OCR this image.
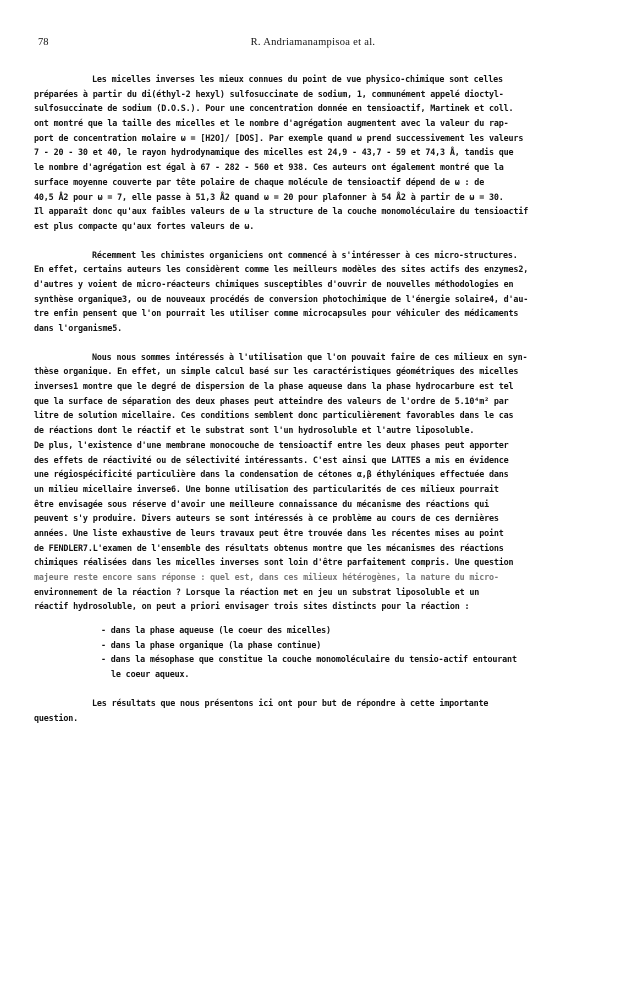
78	R. Andriamanampisoa et al.
Les micelles inverses les mieux connues du point de vue physico-chimique sont celles
préparées à partir du di(éthyl-2 hexyl) sulfosuccinate de sodium, 1, communément appelé dioctyl-
sulfosuccinate de sodium (D.O.S.). Pour une concentration donnée en tensioactif, Martinek et coll.
ont montré que la taille des micelles et le nombre d'agrégation augmentent avec la valeur du rap-
port de concentration molaire ω = [H2O]/ [DOS]. Par exemple quand ω prend successivement les valeurs
7 - 20 - 30 et 40, le rayon hydrodynamique des micelles est 24,9 - 43,7 - 59 et 74,3 Å, tandis que
le nombre d'agrégation est égal à 67 - 282 - 560 et 938. Ces auteurs ont également montré que la
surface moyenne couverte par tête polaire de chaque molécule de tensioactif dépend de ω : de
40,5 Å2 pour ω = 7, elle passe à 51,3 Å2 quand ω = 20 pour plafonner à 54 Å2 à partir de ω = 30.
Il apparaît donc qu'aux faibles valeurs de ω la structure de la couche monomoléculaire du tensioactif
est plus compacte qu'aux fortes valeurs de ω.
Récemment les chimistes organiciens ont commencé à s'intéresser à ces micro-structures.
En effet, certains auteurs les considèrent comme les meilleurs modèles des sites actifs des enzymes2,
d'autres y voient de micro-réacteurs chimiques susceptibles d'ouvrir de nouvelles méthodologies en
synthèse organique3, ou de nouveaux procédés de conversion photochimique de l'énergie solaire4, d'au-
tre enfin pensent que l'on pourrait les utiliser comme microcapsules pour véhiculer des médicaments
dans l'organisme5.
Nous nous sommes intéressés à l'utilisation que l'on pouvait faire de ces milieux en syn-
thèse organique. En effet, un simple calcul basé sur les caractéristiques géométriques des micelles
inverses1 montre que le degré de dispersion de la phase aqueuse dans la phase hydrocarbure est tel
que la surface de séparation des deux phases peut atteindre des valeurs de l'ordre de 5.10⁴m² par
litre de solution micellaire. Ces conditions semblent donc particulièrement favorables dans le cas
de réactions dont le réactif et le substrat sont l'un hydrosoluble et l'autre liposoluble.
De plus, l'existence d'une membrane monocouche de tensioactif entre les deux phases peut apporter
des effets de réactivité ou de sélectivité intéressants. C'est ainsi que LATTES a mis en évidence
une régiospécificité particulière dans la condensation de cétones α,β éthyléniques effectuée dans
un milieu micellaire inverse6. Une bonne utilisation des particularités de ces milieux pourrait
être envisagée sous réserve d'avoir une meilleure connaissance du mécanisme des réactions qui
peuvent s'y produire. Divers auteurs se sont intéressés à ce problème au cours de ces dernières
années. Une liste exhaustive de leurs travaux peut être trouvée dans les récentes mises au point
de FENDLER7.L'examen de l'ensemble des résultats obtenus montre que les mécanismes des réactions
chimiques réalisées dans les micelles inverses sont loin d'être parfaitement compris. Une question
majeure reste encore sans réponse : quel est, dans ces milieux hétérogènes, la nature du micro-
environnement de la réaction ? Lorsque la réaction met en jeu un substrat liposoluble et un
réactif hydrosoluble, on peut a priori envisager trois sites distincts pour la réaction :
- dans la phase aqueuse (le coeur des micelles)
- dans la phase organique (la phase continue)
- dans la mésophase que constitue la couche monomoléculaire du tensio-actif entourant
le coeur aqueux.
Les résultats que nous présentons ici ont pour but de répondre à cette importante
question.
